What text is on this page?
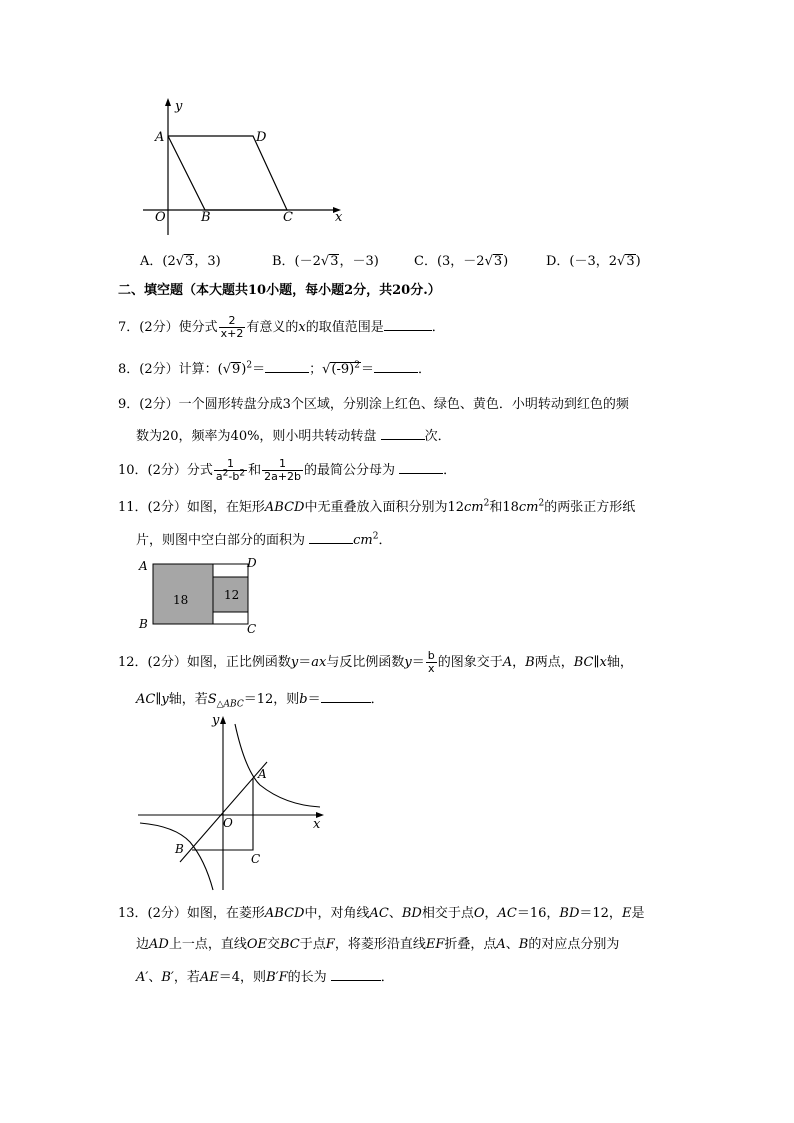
y
A	D
O	B	C	x
A．(2√3，3)	B．(－2√3，－3)	C．(3，－2√3)	D．(－3，2√3)
二、填空题（本大题共10小题，每小题2分，共20分.）
7．(2分）使分式 $\frac{2}{x+2}$ 有意义的x的取值范围是	．
8．(2分）计算：$(√9)^2=$	；$√(-9)^2=$	．
9．(2分）一个圆形转盘分成3个区域，分别涂上红色、绿色、黄色．小明转动到红色的频
数为20，频率为40%，则小明共转动转盘	次．
10．(2分）分式 $\frac{1}{a^2-b^2}$ 和 $\frac{1}{2a+2b}$ 的最简公分母为	．
11．(2分）如图，在矩形ABCD中无重叠放入面积分别为$12cm^2$和$18cm^2$的两张正方形纸
片，则图中空白部分的面积为	$cm^2$．
A	D
B	C
18	12
12．(2分）如图，正比例函数y＝ax与反比例函数$y= \frac{b}{x}$ 的图象交于A，B两点，BC∥x轴，
AC∥y轴，若$S_{\triangle ABC}=12$，则b＝	．
y
A
O	x
B
C
13．(2分）如图，在菱形ABCD中，对角线AC、BD相交于点O，AC＝16，BD＝12，E是
边AD上一点，直线OE交BC于点F，将菱形沿直线EF折叠，点A、B的对应点分别为
A′、B′，若AE＝4，则B′F的长为	．
